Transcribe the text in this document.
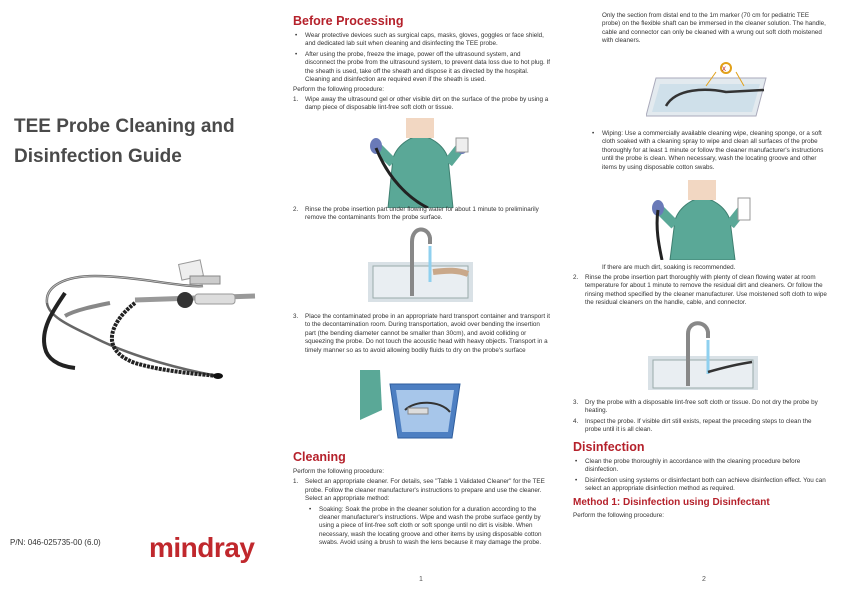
TEE Probe Cleaning and
Disinfection Guide
P/N: 046-025735-00 (6.0) mindray
1
Before Processing
• Wear protective devices such as surgical caps, masks, gloves, goggles or face shield, and dedicated lab suit when cleaning and disinfecting the TEE probe.
• After using the probe, freeze the image, power off the ultrasound system, and disconnect the probe from the ultrasound system, to prevent data loss due to hot plug. If the sheath is used, take off the sheath and dispose it as directed by the hospital. Cleaning and disinfection are required even if the sheath is used.

Perform the following procedure:

1. Wipe away the ultrasound gel or other visible dirt on the surface of the probe by using a damp piece of disposable lint-free soft cloth or tissue.
2. Rinse the probe insertion part under flowing water for about 1 minute to preliminarily remove the contaminants from the probe surface.
3. Place the contaminated probe in an appropriate hard transport container and transport it to the decontamination room. During transportation, avoid over bending the insertion part (the bending diameter cannot be smaller than 30cm), and avoid colliding or squeezing the probe. Do not touch the acoustic head with heavy objects. Transport in a timely manner so as to avoid allowing bodily fluids to dry on the probe's surface
Cleaning

Perform the following procedure:

1. Select an appropriate cleaner. For details, see "Table 1 Validated Cleaner" for the TEE probe. Follow the cleaner manufacturer's instructions to prepare and use the cleaner. Select an appropriate method:
• Soaking: Soak the probe in the cleaner solution for a duration according to the cleaner manufacturer's instructions. Wipe and wash the probe surface gently by using a piece of lint-free soft cloth or soft sponge until no dirt is visible. When necessary, wash the locating groove and other items by using disposable cotton swabs. Avoid using a brush to wash the lens because it may damage the probe.

Only the section from distal end to the 1m marker (70 cm for pediatric TEE probe) on the flexible shaft can be immersed in the cleaner solution. The handle, cable and connector can only be cleaned with a wrung out soft cloth moistened with cleaners.

x
• Wiping: Use a commercially available cleaning wipe, cleaning sponge, or a soft cloth soaked with a cleaning spray to wipe and clean all surfaces of the probe thoroughly for at least 1 minute or follow the cleaner manufacturer's instructions until the probe is clean. When necessary, wash the locating groove and other items by using disposable cotton swabs.

If there are much dirt, soaking is recommended.

2. Rinse the probe insertion part thoroughly with plenty of clean flowing water at room temperature for about 1 minute to remove the residual dirt and cleaners. Or follow the rinsing method specified by the cleaner manufacturer. Use moistened soft cloth to wipe the residual cleaners on the handle, cable, and connector.
3. Dry the probe with a disposable lint-free soft cloth or tissue. Do not dry the probe by heating.
4. Inspect the probe. If visible dirt still exists, repeat the preceding steps to clean the probe until it is all clean.
Disinfection
• Clean the probe thoroughly in accordance with the cleaning procedure before disinfection.
• Disinfection using systems or disinfectant both can achieve disinfection effect. You can select an appropriate disinfection method as required.
Method 1: Disinfection using Disinfectant

Perform the following procedure:

2
